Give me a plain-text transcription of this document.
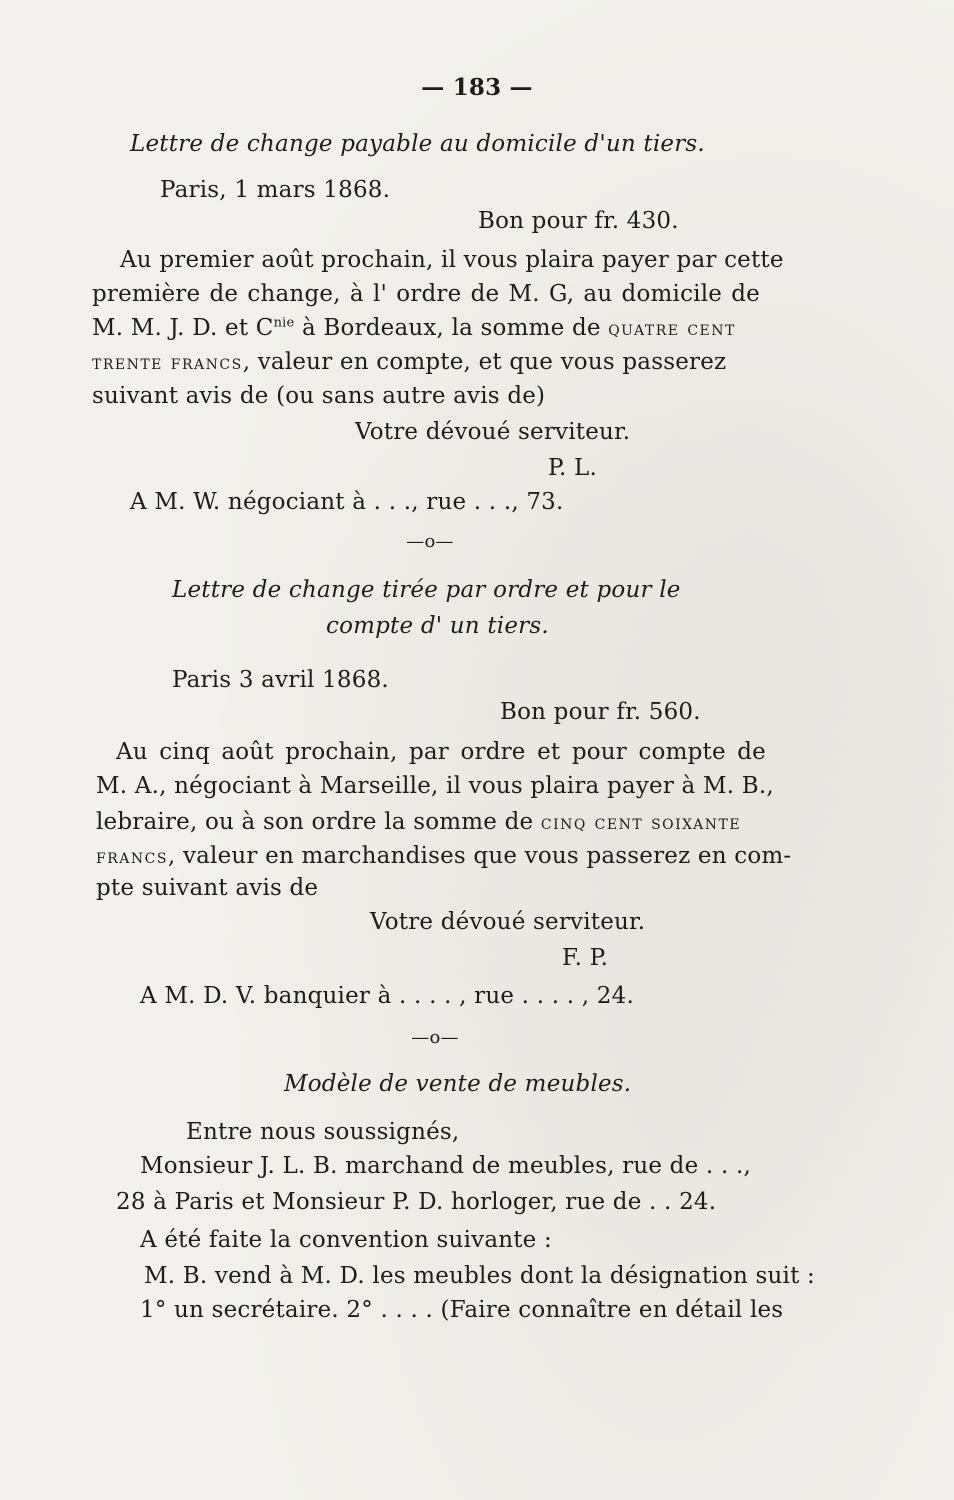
— 183 —
Lettre de change payable au domicile d'un tiers.
Paris, 1 mars 1868.
Bon pour fr. 430.
Au premier août prochain, il vous plaira payer par cette
première de change, à l' ordre de M. G, au domicile de
M. M. J. D. et $C^{nie}$ à Bordeaux, la somme de quatre cent
trente francs, valeur en compte, et que vous passerez
suivant avis de (ou sans autre avis de)
Votre dévoué serviteur.
P. L.
A M. W. négociant à . . ., rue . . ., 73.
—o—
Lettre de change tirée par ordre et pour le
compte d' un tiers.
Paris 3 avril 1868.
Bon pour fr. 560.
Au cinq août prochain, par ordre et pour compte de
M. A., négociant à Marseille, il vous plaira payer à M. B.,
lebraire, ou à son ordre la somme de cinq cent soixante
francs, valeur en marchandises que vous passerez en com-
pte suivant avis de
Votre dévoué serviteur.
F. P.
A M. D. V. banquier à . . . . , rue . . . . , 24.
—o—
Modèle de vente de meubles.
Entre nous soussignés,
Monsieur J. L. B. marchand de meubles, rue de . . .,
28 à Paris et Monsieur P. D. horloger, rue de . . 24.
A été faite la convention suivante :
M. B. vend à M. D. les meubles dont la désignation suit :
1° un secrétaire. 2° . . . . (Faire connaître en détail les
